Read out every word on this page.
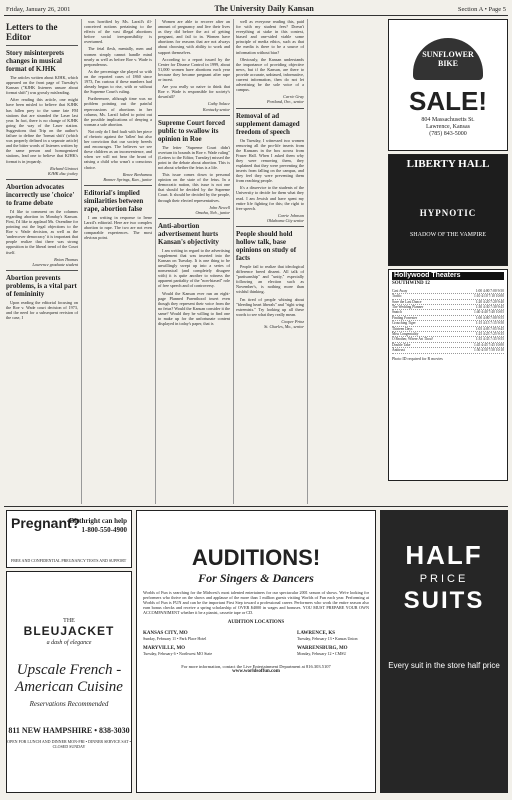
Friday, January 26, 2001	The University Daily Kansan	Section A • Page 5
Letters to the Editor
Story misinterprets changes in musical format of KJHK

The articles written about KJHK, which appeared on the front page of Tuesday's Kansan ("KJHK listeners unsure about format shift") was grossly misleading.

After reading this article, one might have been misled to believe that KJHK has fallen prey to the same fate FM stations that are stranded the Laser last year. In fact, there is no change of KJHK going the way of the Laser station. Suggestions that Trip on the author's failure to define the 'format shift' (which was properly defined in a separate article) and the bitter words of listeners written by the same person and homogenized stations, lead one to believe that KJHK's format is in jeopardy.

Richard Gintowt
KJHK disc jockey

Abortion advocates incorrectly use 'choice' to frame debate

I'd like to comment on the columns regarding abortion in Monday's Kansan. First, I'd like to applaud Ms. Oxendine for pointing out the legal objections to the Roe v. Wade decision, as well as the 'undercover democracy' it is important that people realize that there was strong opposition to the liberal trend of the Court itself.

Brian Thomas
Lawrence graduate student

Abortion prevents problems, is a vital part of femininity

Upon reading the editorial focusing on the Roe v. Wade court decision of 1973, and the need for a subsequent revision of the case, I

was horrified by Ms. Larzil's ill-conceived notions pertaining to the effects of the vast illegal abortions before social irresponsibility is overturned.

The fetal flesh, mentally, men and women simply cannot handle mind nearly as well as before Roe v. Wade is preponderous.

As the percentage she played so with on the reported cases of 1860 since 1973, I'm curious if these numbers had already begun to rise, with or without the Supreme Court's ruling.

Furthermore, although time was no problem pointing out the painful repercussions of abortions in her column, Ms. Larzil failed to point out the possible implications of denying a woman a safe abortion.

Not only do I find fault with her piece of rhetoric against the 'fallen' but also her conviction that our society breeds and encourages. The believes we see these children as an inconvenience, and when we will not bear the brunt of raising a child who wasn't a conscious choice.

Renee Benhamou
Bonner Springs, Kan., junior

Editorial's implied similarities between rape, abortion false

I am writing in response to Irene Larzil's editorial. Here are two complex abortion to rape. The two are not even comparable experiences. The most obvious point.

Women are able to recover after an amount of pregnancy and live their lives as they did before the act of getting pregnant, and fail to in. Women have abortions for reasons that are not always about choosing with ability to work and support themselves.

According to a report issued by the Center for Disease Control in 1999, about 51,000 women have abortions each year because they became pregnant after rape or incest.

Are you really so naive to think that Roe v. Wade is responsible for society's downfall?

Cathy Solace
Kentucky senior

Supreme Court forced public to swallow its opinion in Roe

The letter "Supreme Court didn't overturn its bounds in Roe v. Wade ruling" (Letters to the Editor, Tuesday) missed the point in the debate about abortion. This is not about whether the fetus is a life.

This issue comes down to personal opinion on the state of the fetus. In a democratic nation, this issue is not one that should be decided by the Supreme Court. It should be decided by the people, through their elected representatives.

John Newell
Omaha, Neb., junior

Anti-abortion advertisement hurts Kansan's objectivity

I am writing in regard to the advertising supplement that was inserted into the Kansan on Tuesday. It is one thing to be unwillingly swept up into a series of nonsensical (and completely disagree with) it is quite another to witness the apparent partiality of the "non-biased" role of free speech and of controversy.

Would the Kansan ever run an eight-page Planned Parenthood insert even though they represent their voice from the no fetus? Would the Kansan consider it the same? Would they be willing to find one to make up for the unfortunate content displayed in today's paper, that is

well as everyone reading this, paid for with my student fees? Doesn't everything at stake in this context, biased and one-sided viable some principle of media ethics, such as that the media is there to be a source of information without bias?

Obviously, the Kansan understands the importance of providing objective news, but if the Kansan, are there to provide accurate, unbiased, informative, current information, then do not let advertising be the sole voice of a campus.

Carrie Gray
Portland, Ore., senior

Removal of ad supplement damaged freedom of speech

On Tuesday, I witnessed two women removing all the pro-life inserts from the Kansans in the box across from Fraser Hall. When I asked them why they were removing them, they explained that they were preventing the inserts from falling on the campus, and they feel they were preventing them from reaching people.

It's a disservice to the students of the University to decide for them what they read. I am Jewish and have spent my entire life fighting for this; the right to free speech.

Carrie Johnson
Oklahoma City senior

People should hold hollow talk, base opinions on study of facts

People fail to realize that ideological difference breed dissent. All talk of "partisanship" and "unity," especially following an election such as November's, is nothing more than wishful thinking.

I'm tired of people whining about "bleeding heart liberals" and "right wing extremists." Try looking up all these words to see what they really mean.

Cooper Prinz
St. Charles, Mo., senior

SUNFLOWER BIKE
SALE!
804 Massachusetts St.
Lawrence, Kansas
(785) 843-5000
LIBERTY HALL
HYPNOTIC
SHADOW OF THE VAMPIRE
Hollywood Theaters
SOUTHWIND 12
Cast Away	1:00 4:00 7:00 9:50
Traffic	1:10 4:10 7:10 10:00
Save the Last Dance	1:20 4:20 7:20 9:40
The Wedding Planner	1:30 4:30 7:30 9:45
Snatch	1:40 4:40 7:40 10:05
Finding Forrester	1:00 4:00 7:00 9:55
Crouching Tiger	1:15 4:15 7:15 9:50
Thirteen Days	1:05 4:05 7:05 9:45
Miss Congeniality	1:25 4:25 7:25 9:35
O Brother, Where Art Thou?	1:35 4:35 7:35 9:55
Double Take	1:45 4:45 7:45 10:00
Antitrust	1:50 4:50 7:50 10:10
Photo ID required for R movies
Pregnant?
Birthright can help
1-800-550-4900
FREE AND CONFIDENTIAL PREGNANCY TESTS AND SUPPORT
THE
BLEUJACKET
a dash of elegance
Upscale French -
American Cuisine
Reservations Recommended
811 NEW HAMPSHIRE • 838-3030
OPEN FOR LUNCH AND DINNER MON-FRI • DINNER SERVICE SAT • CLOSED SUNDAY
AUDITIONS!
For Singers & Dancers
Worlds of Fun is searching for the Midwest's most talented entertainers for our spectacular 2001 season of shows. We're looking for performers who thrive on the shows and applause of the more than 1 million guests visiting Worlds of Fun each year. Performing at Worlds of Fun is FUN and can be the important First Step toward a professional career. Performers who work the entire season also earn bonus checks and receive a spring scholarship of OVER $4000 in wages and bonuses. YOU MUST PREPARE YOUR OWN ACCOMPANIMENT whether it be a pianist, cassette tape or CD.
AUDITION LOCATIONS
KANSAS CITY, MO
Sunday, February 11 • Park Place Hotel
MARYVILLE, MO
Tuesday, February 6 • Northwest MO State
LAWRENCE, KS
Tuesday, February 13 • Kansas Union
WARRENSBURG, MO
Monday, February 12 • CMSU
For more information, contact the Live Entertainment Department at 816.303.5107
www.worldsoffun.com
HALF
PRICE
SUITS
Every suit in the store half price
